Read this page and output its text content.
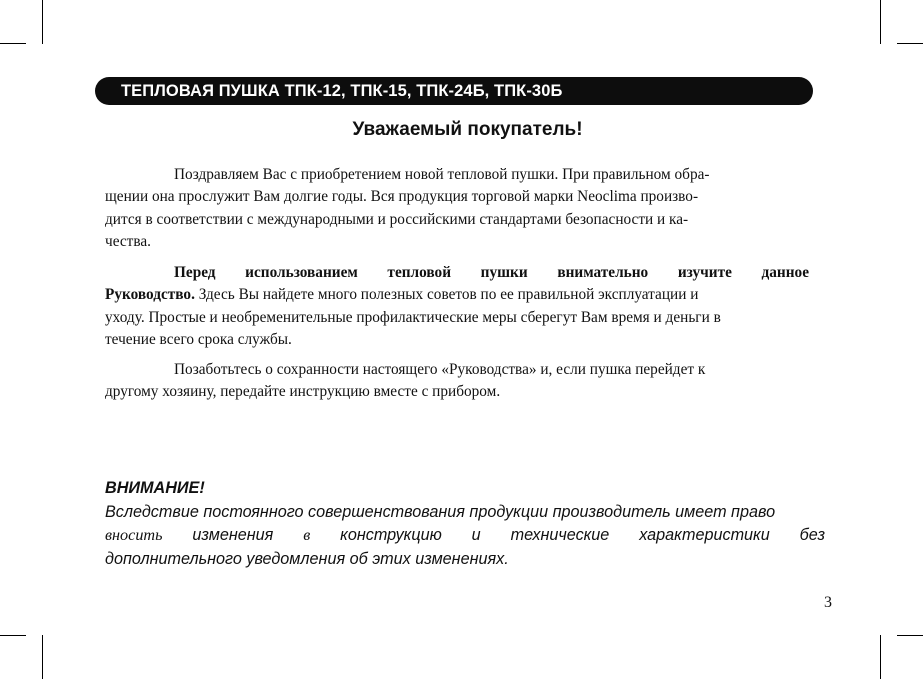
ТЕПЛОВАЯ ПУШКА ТПК-12, ТПК-15, ТПК-24Б, ТПК-30Б
Уважаемый покупатель!
Поздравляем Вас с приобретением новой тепловой пушки. При правильном обра-
щении она прослужит Вам долгие годы. Вся продукция торговой марки Neoclima произво-
дится в соответствии с международными и российскими стандартами безопасности и ка-
чества.
Перед использованием тепловой пушки внимательно изучите данное
Руководство. Здесь Вы найдете много полезных советов по ее правильной эксплуатации и
уходу. Простые и необременительные профилактические меры сберегут Вам время и деньги в
течение всего срока службы.
Позаботьтесь о сохранности настоящего «Руководства» и, если пушка перейдет к
другому хозяину, передайте инструкцию вместе с прибором.
ВНИМАНИЕ!
Вследствие постоянного совершенствования продукции производитель имеет право
вносить изменения в конструкцию и технические характеристики без
дополнительного уведомления об этих изменениях.
3
